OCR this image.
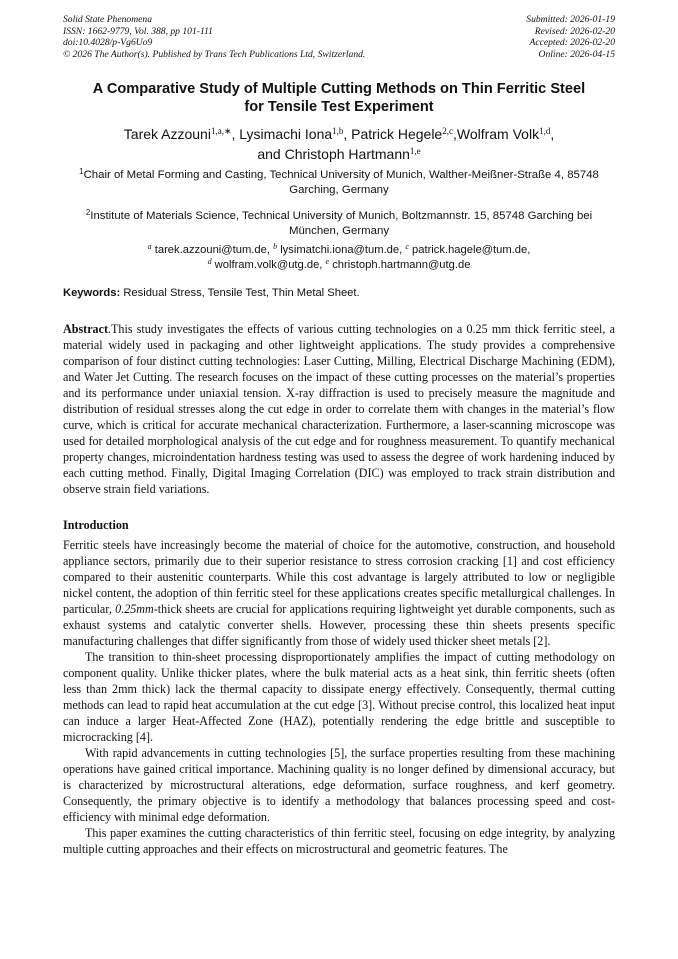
Solid State Phenomena
ISSN: 1662-9779, Vol. 388, pp 101-111
doi:10.4028/p-Vg6Uo9
© 2026 The Author(s). Published by Trans Tech Publications Ltd, Switzerland.
Submitted: 2026-01-19
Revised: 2026-02-20
Accepted: 2026-02-20
Online: 2026-04-15
A Comparative Study of Multiple Cutting Methods on Thin Ferritic Steel
for Tensile Test Experiment
Tarek Azzouni$^{1,a,∗}$, Lysimachi Iona$^{1,b}$, Patrick Hegele$^{2,c}$,Wolfram Volk$^{1,d}$,
and Christoph Hartmann$^{1,e}$
$^1$Chair of Metal Forming and Casting, Technical University of Munich, Walther-Meißner-Straße 4, 85748 Garching, Germany
$^2$Institute of Materials Science, Technical University of Munich, Boltzmannstr. 15, 85748 Garching bei München, Germany
$^a$ tarek.azzouni@tum.de, $^b$ lysimatchi.iona@tum.de, $^c$ patrick.hagele@tum.de,
$^d$ wolfram.volk@utg.de, $^e$ christoph.hartmann@utg.de
Keywords: Residual Stress, Tensile Test, Thin Metal Sheet.
Abstract.This study investigates the effects of various cutting technologies on a 0.25 mm thick ferritic steel, a material widely used in packaging and other lightweight applications. The study provides a comprehensive comparison of four distinct cutting technologies: Laser Cutting, Milling, Electrical Discharge Machining (EDM), and Water Jet Cutting. The research focuses on the impact of these cutting processes on the material’s properties and its performance under uniaxial tension. X-ray diffraction is used to precisely measure the magnitude and distribution of residual stresses along the cut edge in order to correlate them with changes in the material’s flow curve, which is critical for accurate mechanical characterization. Furthermore, a laser-scanning microscope was used for detailed morphological analysis of the cut edge and for roughness measurement. To quantify mechanical property changes, microindentation hardness testing was used to assess the degree of work hardening induced by each cutting method. Finally, Digital Imaging Correlation (DIC) was employed to track strain distribution and observe strain field variations.
Introduction
Ferritic steels have increasingly become the material of choice for the automotive, construction, and household appliance sectors, primarily due to their superior resistance to stress corrosion cracking [1] and cost efficiency compared to their austenitic counterparts. While this cost advantage is largely attributed to low or negligible nickel content, the adoption of thin ferritic steel for these applications creates specific metallurgical challenges. In particular, 0.25mm-thick sheets are crucial for applications requiring lightweight yet durable components, such as exhaust systems and catalytic converter shells. However, processing these thin sheets presents specific manufacturing challenges that differ significantly from those of widely used thicker sheet metals [2].
The transition to thin-sheet processing disproportionately amplifies the impact of cutting methodology on component quality. Unlike thicker plates, where the bulk material acts as a heat sink, thin ferritic sheets (often less than 2mm thick) lack the thermal capacity to dissipate energy effectively. Consequently, thermal cutting methods can lead to rapid heat accumulation at the cut edge [3]. Without precise control, this localized heat input can induce a larger Heat-Affected Zone (HAZ), potentially rendering the edge brittle and susceptible to microcracking [4].
With rapid advancements in cutting technologies [5], the surface properties resulting from these machining operations have gained critical importance. Machining quality is no longer defined by dimensional accuracy, but is characterized by microstructural alterations, edge deformation, surface roughness, and kerf geometry. Consequently, the primary objective is to identify a methodology that balances processing speed and cost-efficiency with minimal edge deformation.
This paper examines the cutting characteristics of thin ferritic steel, focusing on edge integrity, by analyzing multiple cutting approaches and their effects on microstructural and geometric features. The
